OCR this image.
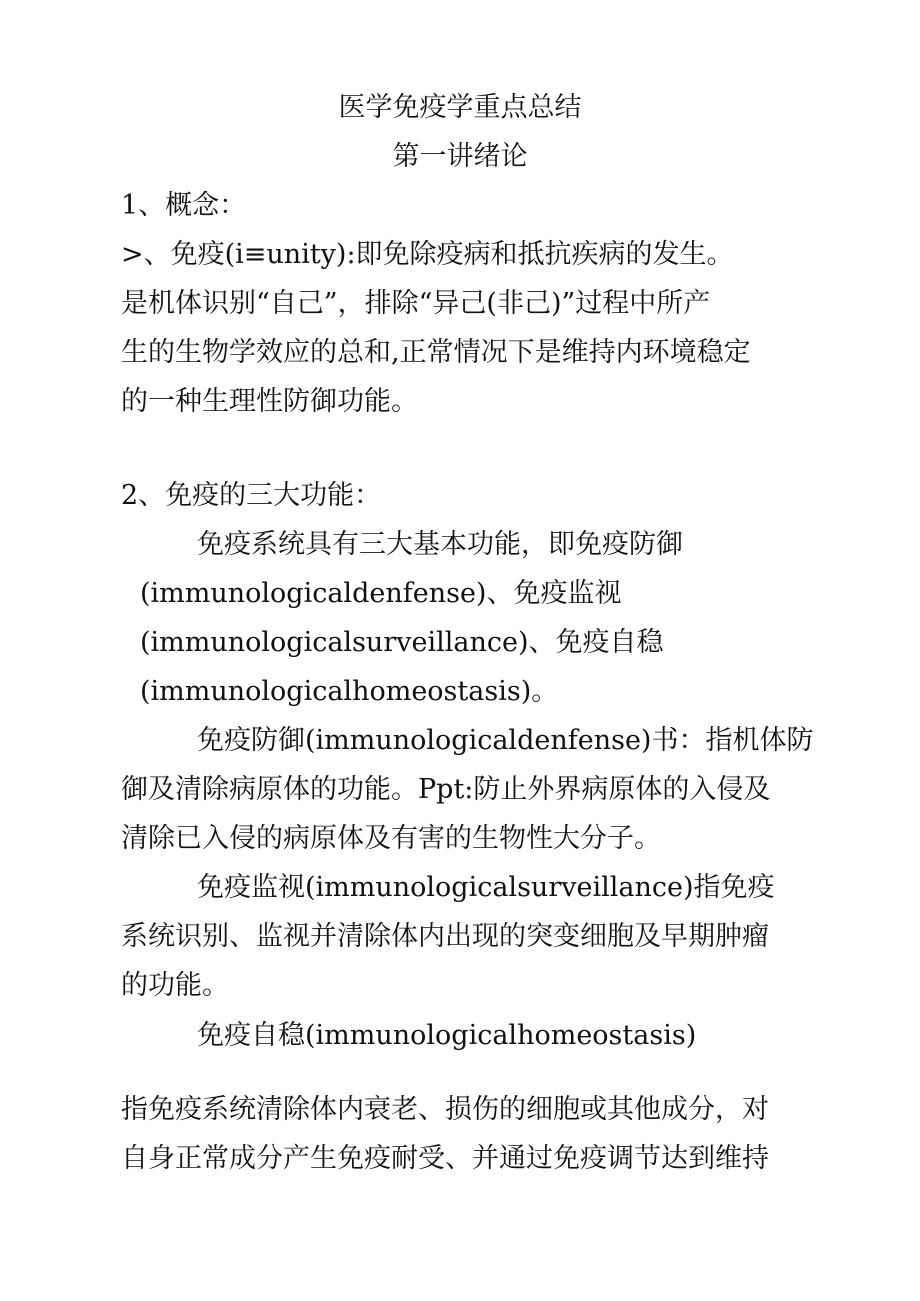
医学免疫学重点总结
第一讲绪论
1、概念：
>、免疫(i≡unity):即免除疫病和抵抗疾病的发生。
是机体识别“自己”，排除“异己(非己)”过程中所产
生的生物学效应的总和,正常情况下是维持内环境稳定
的一种生理性防御功能。
2、免疫的三大功能：
免疫系统具有三大基本功能，即免疫防御
(immunologicaldenfense)、免疫监视
(immunologicalsurveillance)、免疫自稳
(immunologicalhomeostasis)。
免疫防御(immunologicaldenfense)书：指机体防
御及清除病原体的功能。Ppt:防止外界病原体的入侵及
清除已入侵的病原体及有害的生物性大分子。
免疫监视(immunologicalsurveillance)指免疫
系统识别、监视并清除体内出现的突变细胞及早期肿瘤
的功能。
免疫自稳(immunologicalhomeostasis)
指免疫系统清除体内衰老、损伤的细胞或其他成分，对
自身正常成分产生免疫耐受、并通过免疫调节达到维持
